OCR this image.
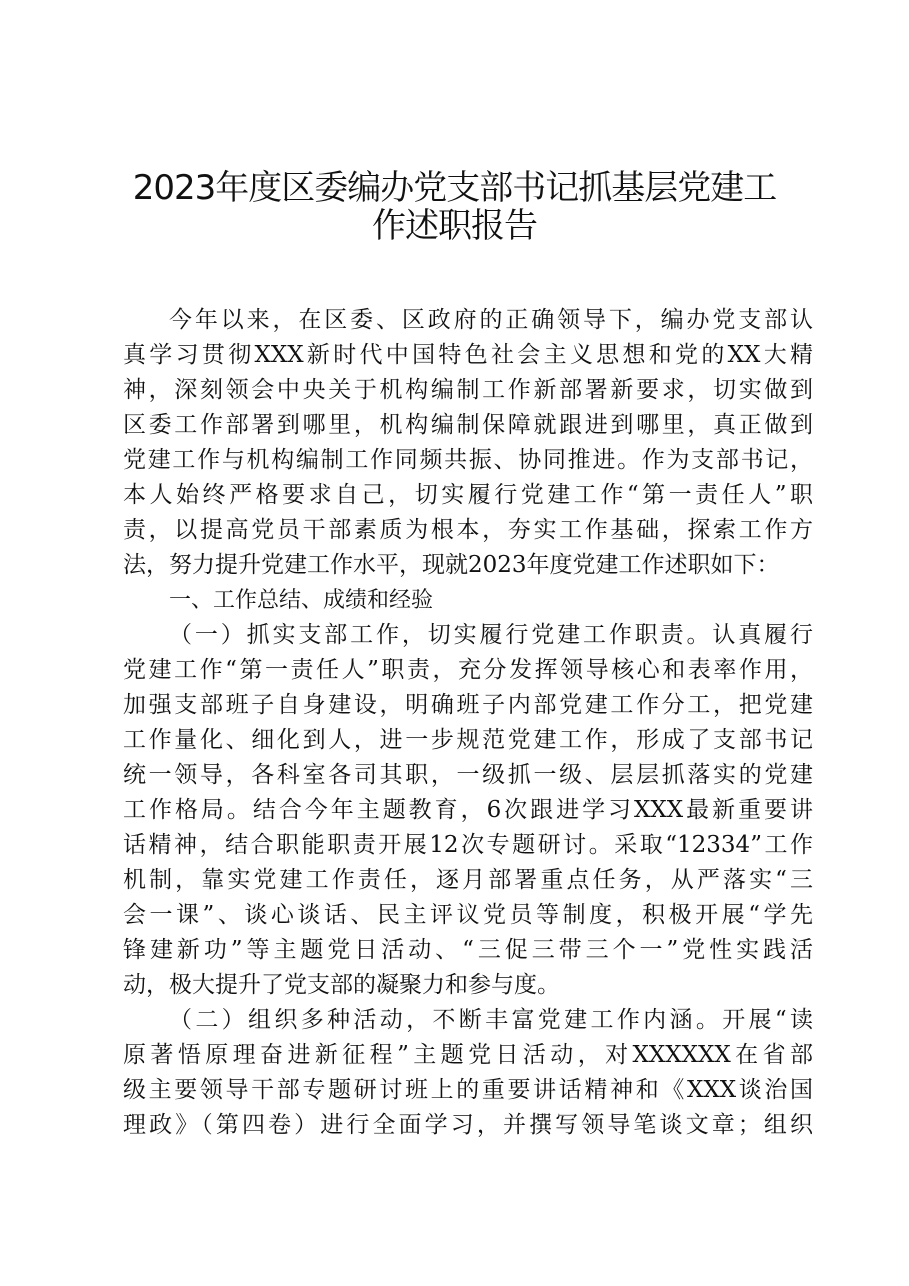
2023年度区委编办党支部书记抓基层党建工
作述职报告
今年以来，在区委、区政府的正确领导下，编办党支部认
真学习贯彻XXX新时代中国特色社会主义思想和党的XX大精
神，深刻领会中央关于机构编制工作新部署新要求，切实做到
区委工作部署到哪里，机构编制保障就跟进到哪里，真正做到
党建工作与机构编制工作同频共振、协同推进。作为支部书记，
本人始终严格要求自己，切实履行党建工作“第一责任人”职
责，以提高党员干部素质为根本，夯实工作基础，探索工作方
法，努力提升党建工作水平，现就2023年度党建工作述职如下：
一、工作总结、成绩和经验
（一）抓实支部工作，切实履行党建工作职责。认真履行
党建工作“第一责任人”职责，充分发挥领导核心和表率作用，
加强支部班子自身建设，明确班子内部党建工作分工，把党建
工作量化、细化到人，进一步规范党建工作，形成了支部书记
统一领导，各科室各司其职，一级抓一级、层层抓落实的党建
工作格局。结合今年主题教育，6次跟进学习XXX最新重要讲
话精神，结合职能职责开展12次专题研讨。采取“12334”工作
机制，靠实党建工作责任，逐月部署重点任务，从严落实“三
会一课”、谈心谈话、民主评议党员等制度，积极开展“学先
锋建新功”等主题党日活动、“三促三带三个一”党性实践活
动，极大提升了党支部的凝聚力和参与度。
（二）组织多种活动，不断丰富党建工作内涵。开展“读
原著悟原理奋进新征程”主题党日活动，对XXXXXX在省部
级主要领导干部专题研讨班上的重要讲话精神和《XXX谈治国
理政》（第四卷）进行全面学习，并撰写领导笔谈文章；组织
